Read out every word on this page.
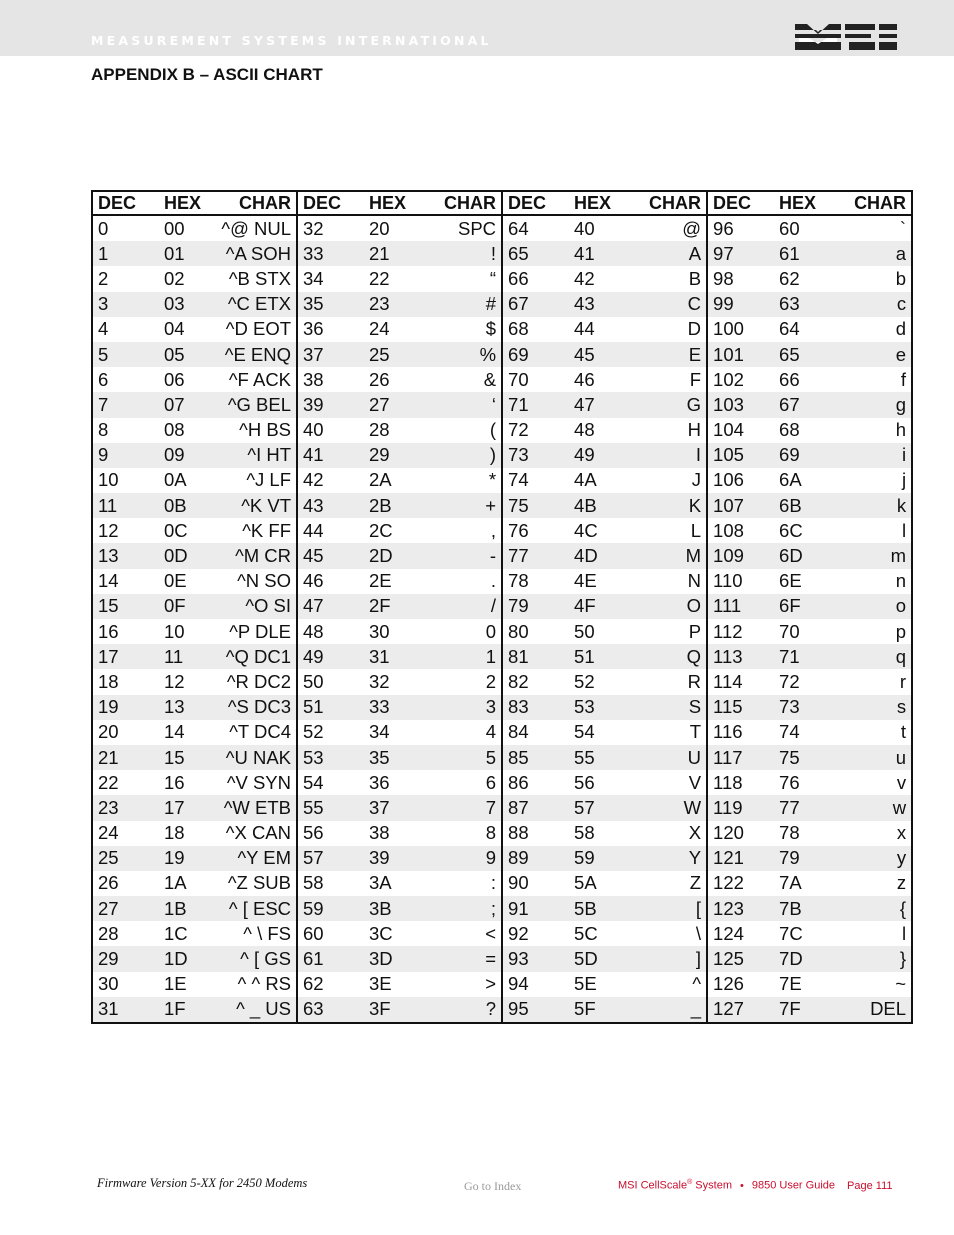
MEASUREMENT SYSTEMS INTERNATIONAL
APPENDIX B – ASCII CHART
DEC	HEX	CHAR	DEC	HEX	CHAR	DEC	HEX	CHAR	DEC	HEX	CHAR
0	00	^@ NUL	32	20	SPC	64	40	@	96	60	`
1	01	^A SOH	33	21	!	65	41	A	97	61	a
2	02	^B STX	34	22	“	66	42	B	98	62	b
3	03	^C ETX	35	23	#	67	43	C	99	63	c
4	04	^D EOT	36	24	$	68	44	D	100	64	d
5	05	^E ENQ	37	25	%	69	45	E	101	65	e
6	06	^F ACK	38	26	&	70	46	F	102	66	f
7	07	^G BEL	39	27	‘	71	47	G	103	67	g
8	08	^H BS	40	28	(	72	48	H	104	68	h
9	09	^I HT	41	29	)	73	49	I	105	69	i
10	0A	^J LF	42	2A	*	74	4A	J	106	6A	j
11	0B	^K VT	43	2B	+	75	4B	K	107	6B	k
12	0C	^K FF	44	2C	,	76	4C	L	108	6C	l
13	0D	^M CR	45	2D	-	77	4D	M	109	6D	m
14	0E	^N SO	46	2E	.	78	4E	N	110	6E	n
15	0F	^O SI	47	2F	/	79	4F	O	111	6F	o
16	10	^P DLE	48	30	0	80	50	P	112	70	p
17	11	^Q DC1	49	31	1	81	51	Q	113	71	q
18	12	^R DC2	50	32	2	82	52	R	114	72	r
19	13	^S DC3	51	33	3	83	53	S	115	73	s
20	14	^T DC4	52	34	4	84	54	T	116	74	t
21	15	^U NAK	53	35	5	85	55	U	117	75	u
22	16	^V SYN	54	36	6	86	56	V	118	76	v
23	17	^W ETB	55	37	7	87	57	W	119	77	w
24	18	^X CAN	56	38	8	88	58	X	120	78	x
25	19	^Y EM	57	39	9	89	59	Y	121	79	y
26	1A	^Z SUB	58	3A	:	90	5A	Z	122	7A	z
27	1B	^ [ ESC	59	3B	;	91	5B	[	123	7B	{
28	1C	^ \ FS	60	3C	<	92	5C	\	124	7C	l
29	1D	^ [ GS	61	3D	=	93	5D	]	125	7D	}
30	1E	^ ^ RS	62	3E	>	94	5E	^	126	7E	~
31	1F	^ _ US	63	3F	?	95	5F	_	127	7F	DEL
Firmware Version 5-XX for 2450 Modems	Go to Index	MSI CellScale® System • 9850 User Guide Page 111
